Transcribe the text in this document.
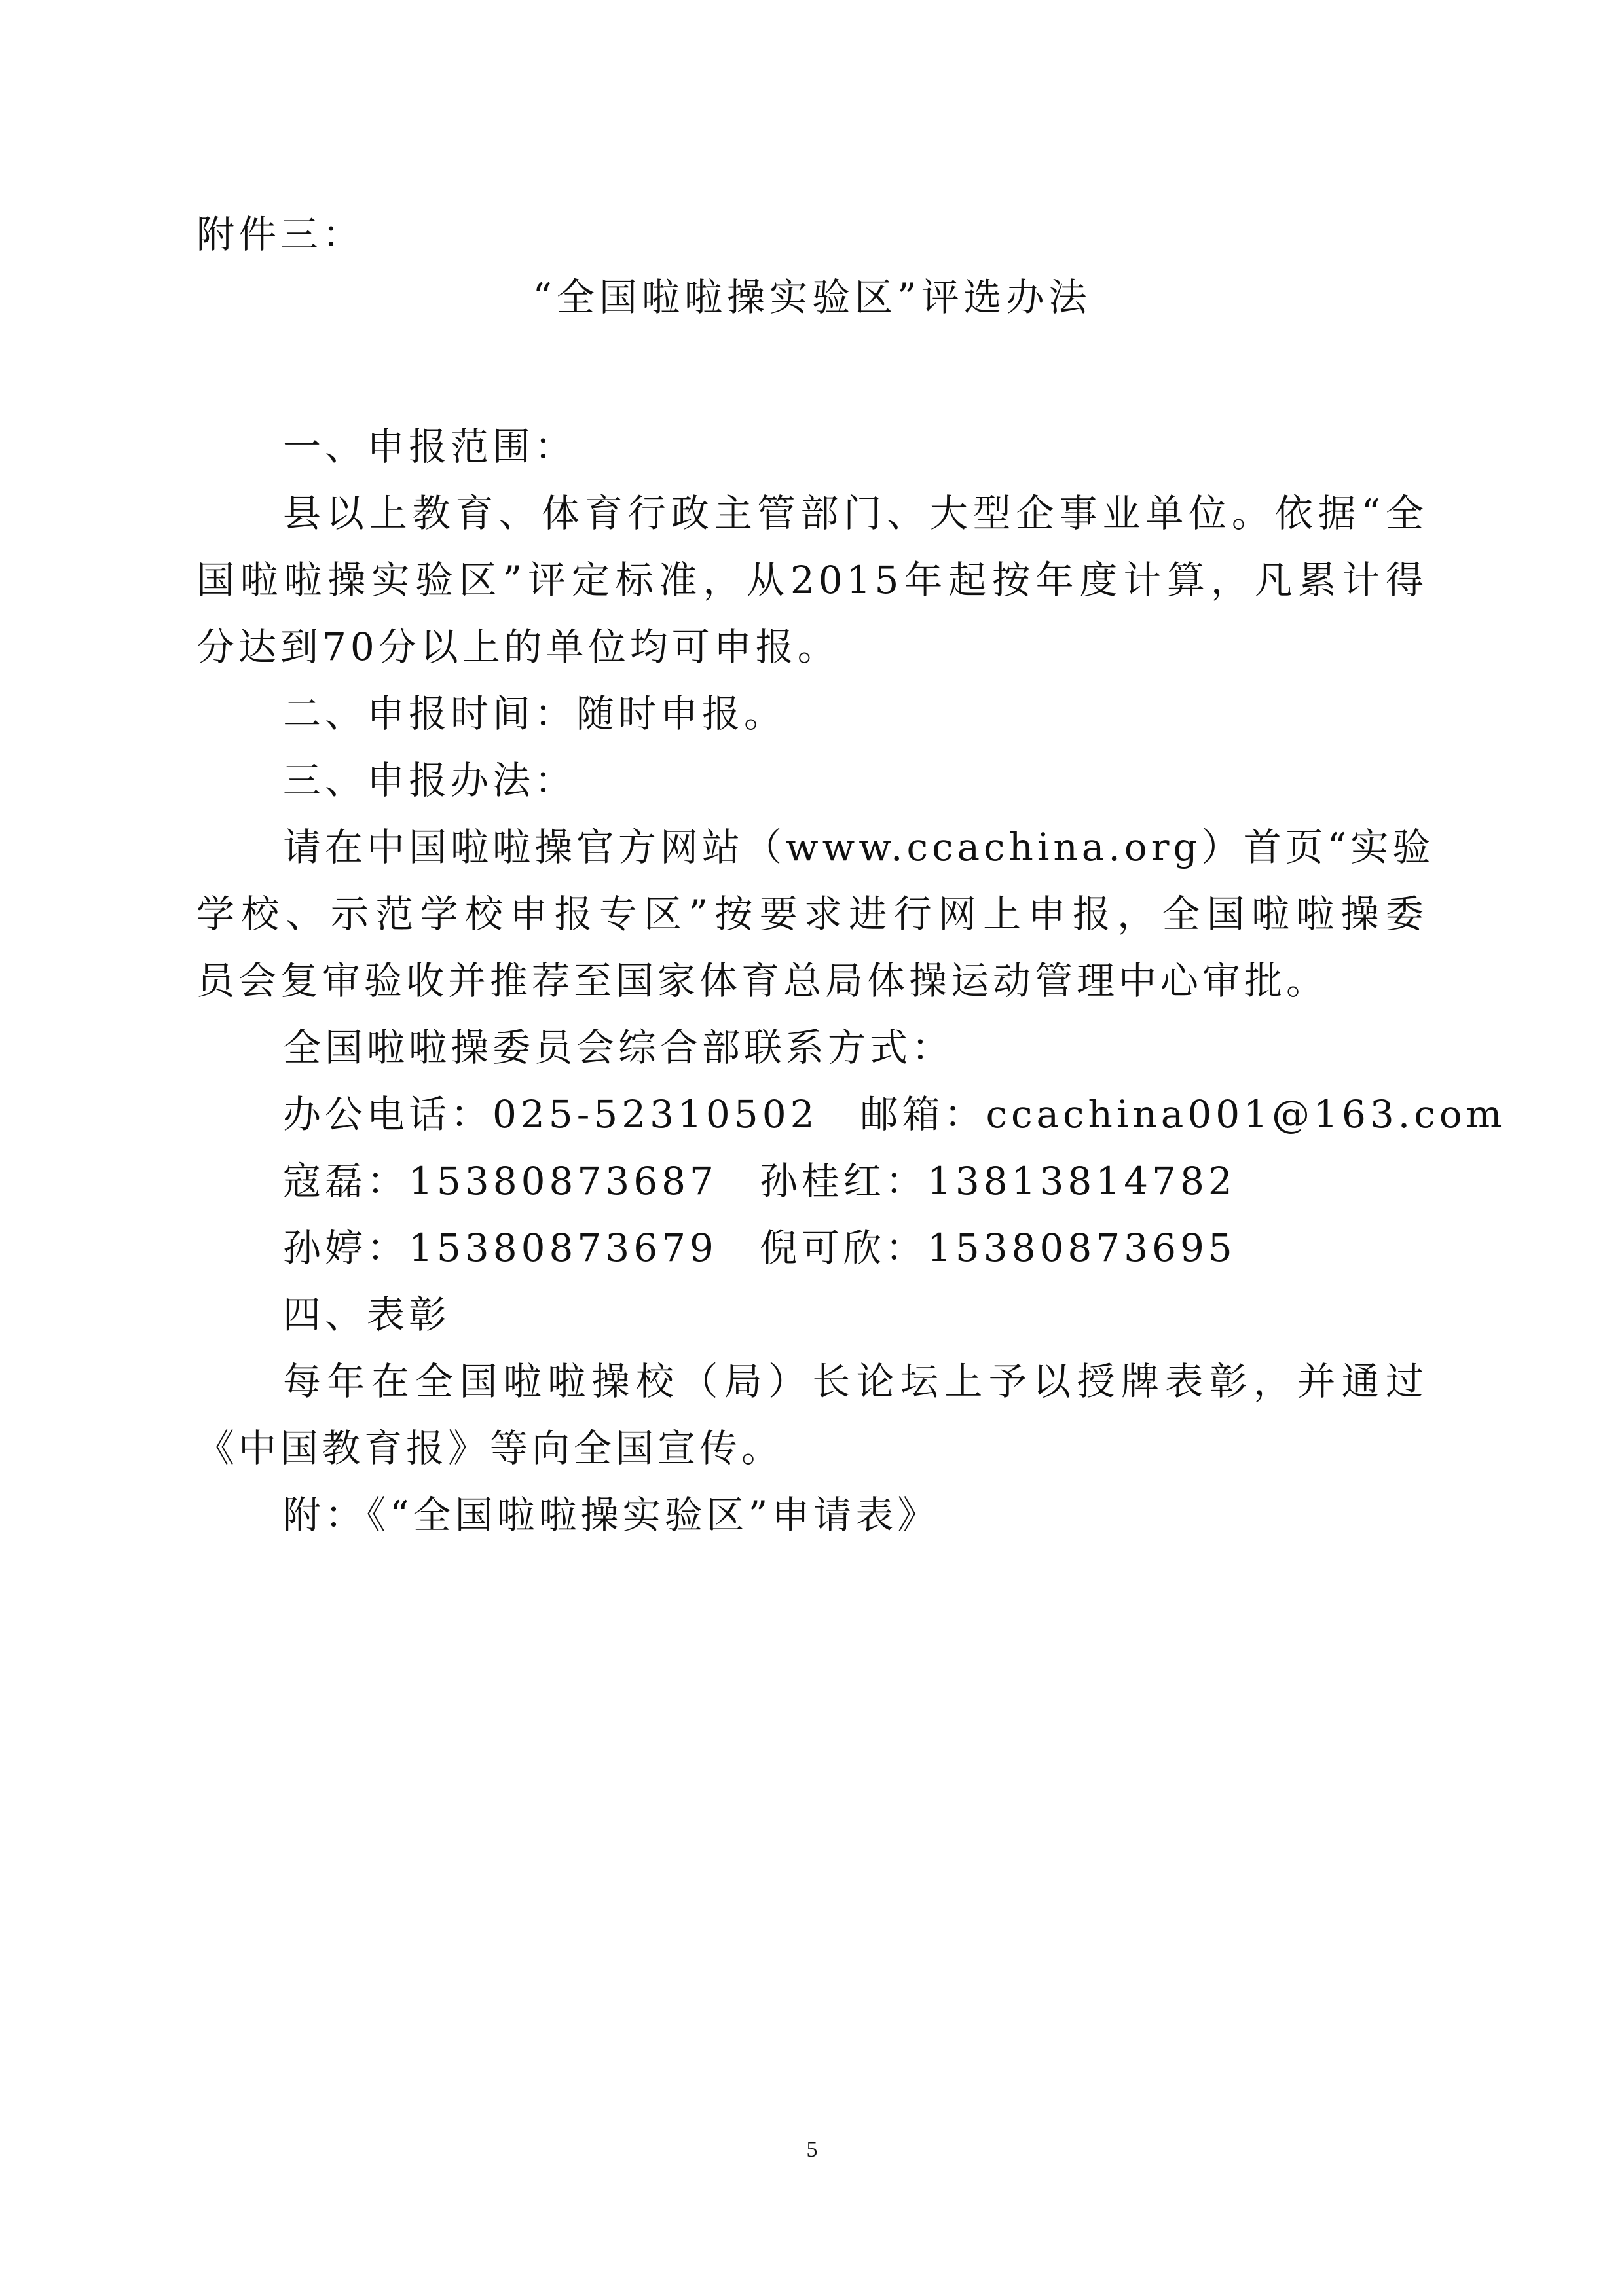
附件三：
“全国啦啦操实验区”评选办法
一、申报范围：
县以上教育、体育行政主管部门、大型企事业单位。依据“全
国啦啦操实验区”评定标准，从2015年起按年度计算，凡累计得
分达到70分以上的单位均可申报。
二、申报时间：随时申报。
三、申报办法：
请在中国啦啦操官方网站（www.ccachina.org）首页“实验
学校、示范学校申报专区”按要求进行网上申报，全国啦啦操委
员会复审验收并推荐至国家体育总局体操运动管理中心审批。
全国啦啦操委员会综合部联系方式：
办公电话：025-52310502　邮箱：ccachina001@163.com
寇磊：15380873687　孙桂红：13813814782
孙婷：15380873679　倪可欣：15380873695
四、表彰
每年在全国啦啦操校（局）长论坛上予以授牌表彰，并通过
《中国教育报》等向全国宣传。
附：《“全国啦啦操实验区”申请表》
5
